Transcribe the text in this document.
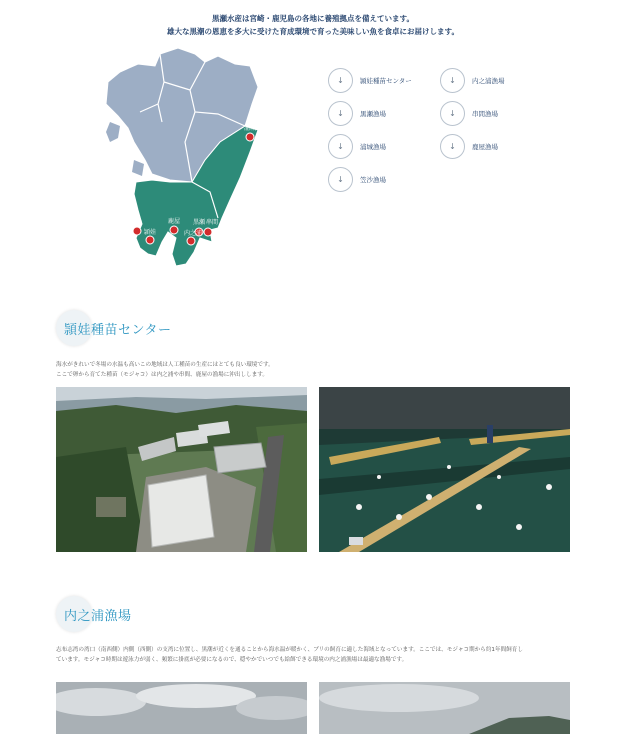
黒瀬水産は宮崎・鹿児島の各地に養殖拠点を備えています。
雄大な黒潮の恩恵を多大に受けた育成環境で育った美味しい魚を食卓にお届けします。
浦城
笠沙
頴娃
鹿屋 黒瀬 串間
内之浦
↓	頴娃種苗センター	↓	内之浦漁場
↓	黒瀬漁場	↓	串間漁場
↓	浦城漁場	↓	鹿屋漁場
↓	笠沙漁場
頴娃種苗センター
海水がきれいで冬場の水温も高いこの地域は人工種苗の生産にはとても良い環境です。
ここで卵から育てた種苗（モジャコ）は内之浦や串間、鹿屋の漁場に沖出しします。
内之浦漁場
志布志湾の湾口（南西側）内側（西側）の支湾に位置し、黒潮が近くを通ることから海水温が暖かく、ブリの飼育に適した海域となっています。ここでは、モジャコ期から約1年間飼育し
ています。モジャコ時期は遊泳力が弱く、頻繁に掛底が必要になるので、穏やかでいつでも給餌できる環境の内之浦漁場は最適な漁場です。
